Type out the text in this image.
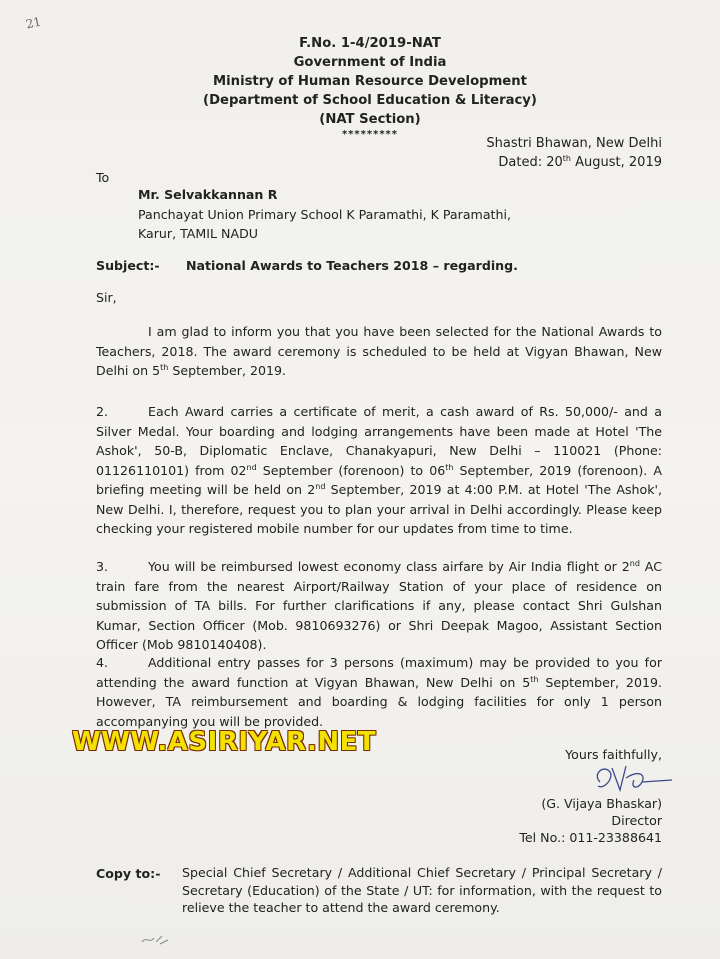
21
F.No. 1-4/2019-NAT
Government of India
Ministry of Human Resource Development
(Department of School Education & Literacy)
(NAT Section)
*********
Shastri Bhawan, New Delhi
Dated: 20th August, 2019
To
Mr. Selvakkannan R
Panchayat Union Primary School K Paramathi, K Paramathi,
Karur, TAMIL NADU
Subject:- National Awards to Teachers 2018 – regarding.
Sir,
I am glad to inform you that you have been selected for the National Awards to Teachers, 2018. The award ceremony is scheduled to be held at Vigyan Bhawan, New Delhi on 5th September, 2019.
2.	Each Award carries a certificate of merit, a cash award of Rs. 50,000/- and a Silver Medal. Your boarding and lodging arrangements have been made at Hotel 'The Ashok', 50-B, Diplomatic Enclave, Chanakyapuri, New Delhi – 110021 (Phone: 01126110101) from 02nd September (forenoon) to 06th September, 2019 (forenoon). A briefing meeting will be held on 2nd September, 2019 at 4:00 P.M. at Hotel 'The Ashok', New Delhi. I, therefore, request you to plan your arrival in Delhi accordingly. Please keep checking your registered mobile number for our updates from time to time.
3.	You will be reimbursed lowest economy class airfare by Air India flight or 2nd AC train fare from the nearest Airport/Railway Station of your place of residence on submission of TA bills. For further clarifications if any, please contact Shri Gulshan Kumar, Section Officer (Mob. 9810693276) or Shri Deepak Magoo, Assistant Section Officer (Mob 9810140408).
4.	Additional entry passes for 3 persons (maximum) may be provided to you for attending the award function at Vigyan Bhawan, New Delhi on 5th September, 2019. However, TA reimbursement and boarding & lodging facilities for only 1 person accompanying you will be provided.
WWW.ASIRIYAR.NET	Yours faithfully,
(G. Vijaya Bhaskar)
Director
Tel No.: 011-23388641
Copy to:- Special Chief Secretary / Additional Chief Secretary / Principal Secretary / Secretary (Education) of the State / UT: for information, with the request to relieve the teacher to attend the award ceremony.
